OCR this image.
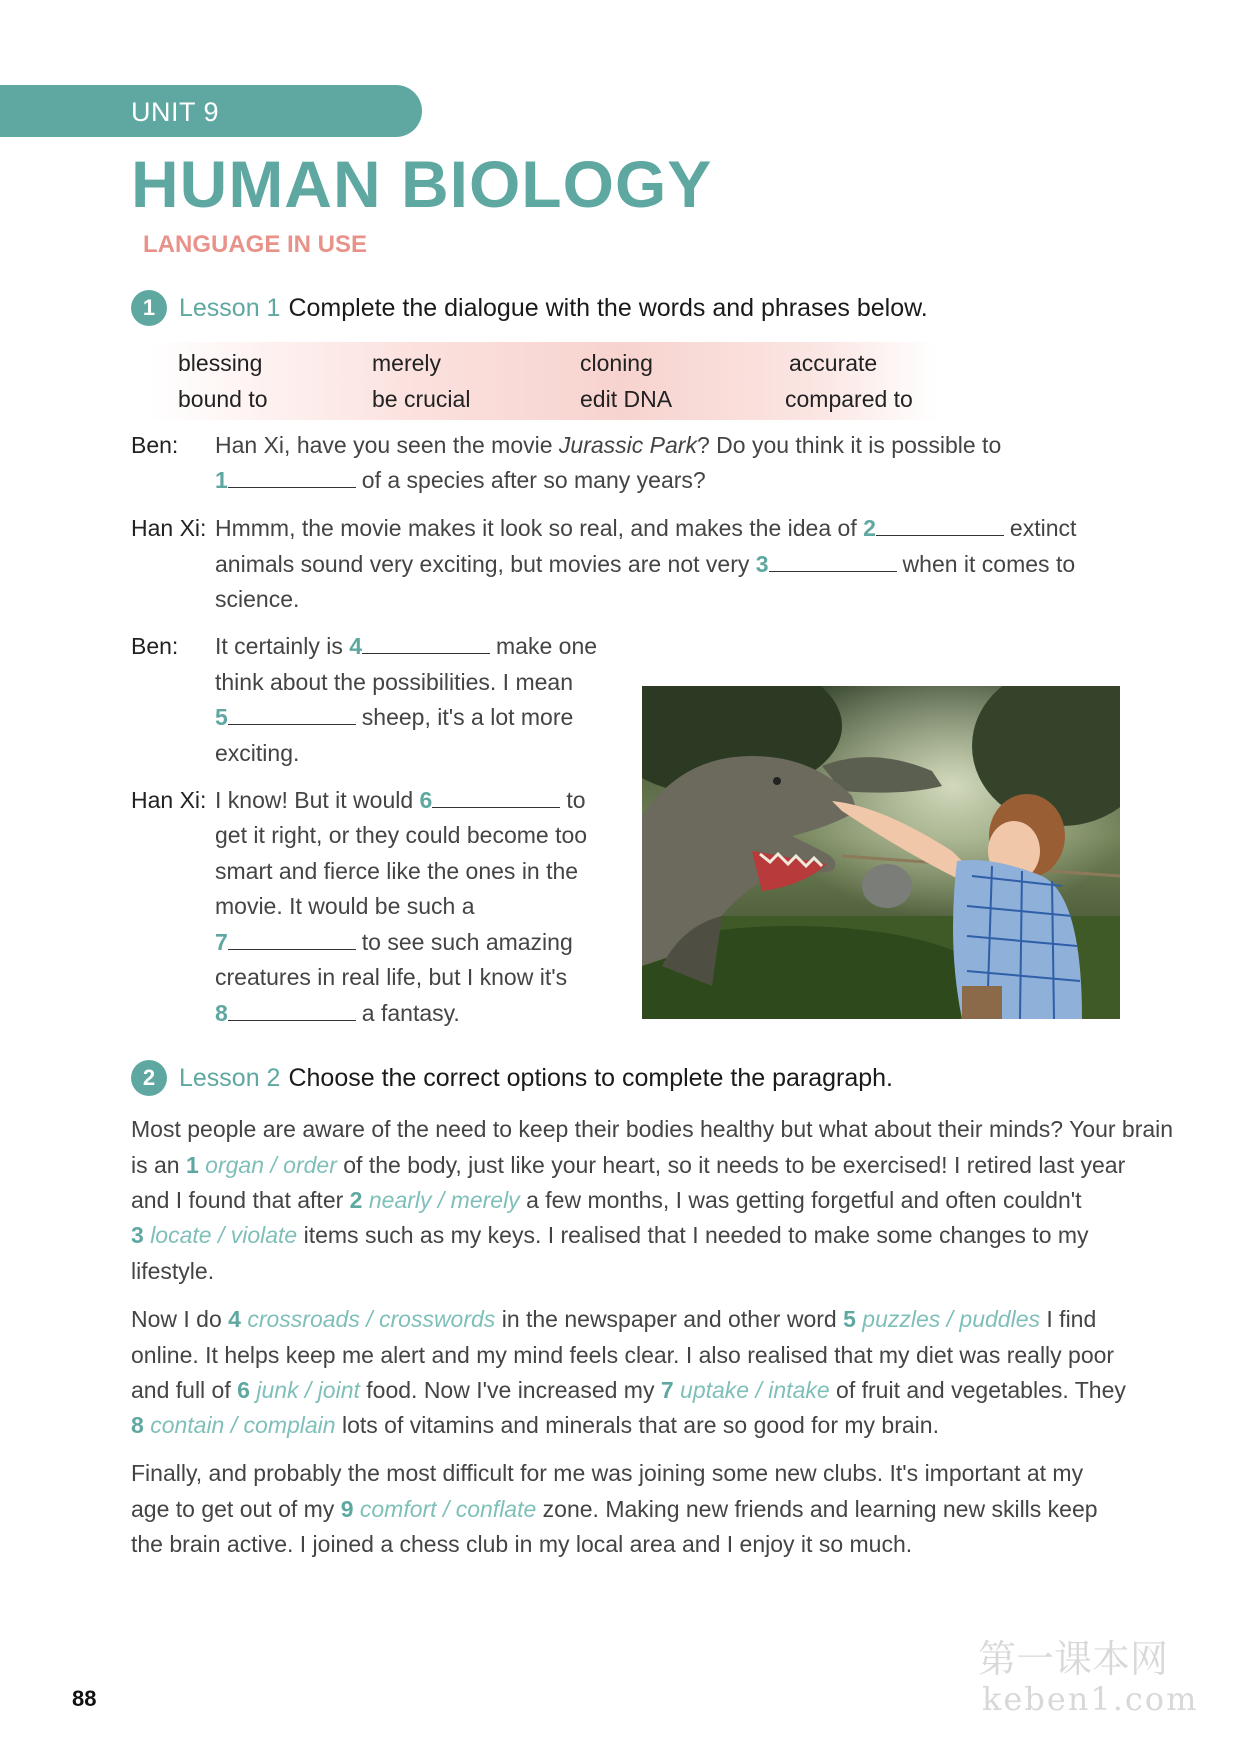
UNIT 9
HUMAN BIOLOGY
LANGUAGE IN USE
1 Lesson 1 Complete the dialogue with the words and phrases below.
blessing	merely	cloning	accurate
bound to	be crucial	edit DNA	compared to
Ben: Han Xi, have you seen the movie Jurassic Park? Do you think it is possible to
1	of a species after so many years?
Han Xi: Hmmm, the movie makes it look so real, and makes the idea of 2	extinct
animals sound very exciting, but movies are not very 3	when it comes to
science.
Ben: It certainly is 4	make one
think about the possibilities. I mean
5	sheep, it's a lot more
exciting.
Han Xi: I know! But it would 6	to
get it right, or they could become too
smart and fierce like the ones in the
movie. It would be such a
7	to see such amazing
creatures in real life, but I know it's
8	a fantasy.
2 Lesson 2 Choose the correct options to complete the paragraph.
Most people are aware of the need to keep their bodies healthy but what about their minds? Your brain
is an 1 organ / order of the body, just like your heart, so it needs to be exercised! I retired last year
and I found that after 2 nearly / merely a few months, I was getting forgetful and often couldn't
3 locate / violate items such as my keys. I realised that I needed to make some changes to my
lifestyle.
Now I do 4 crossroads / crosswords in the newspaper and other word 5 puzzles / puddles I find
online. It helps keep me alert and my mind feels clear. I also realised that my diet was really poor
and full of 6 junk / joint food. Now I've increased my 7 uptake / intake of fruit and vegetables. They
8 contain / complain lots of vitamins and minerals that are so good for my brain.
Finally, and probably the most difficult for me was joining some new clubs. It's important at my
age to get out of my 9 comfort / conflate zone. Making new friends and learning new skills keep
the brain active. I joined a chess club in my local area and I enjoy it so much.
88
第一课本网
keben1.com
